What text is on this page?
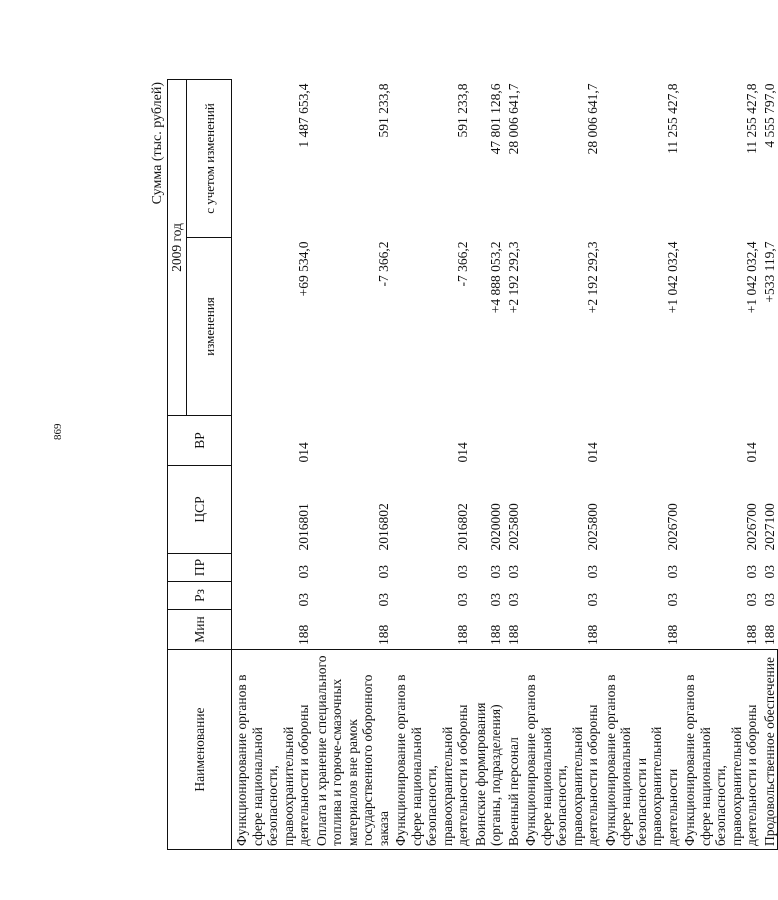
869
Сумма (тыс. рублей)
Наименование	Мин	Рз	ПР	ЦСР	ВР	2009 год	
						изменения	с учетом изменений
Функционирование органов в сфере национальной безопасности, правоохранительной деятельности и обороны	188	03	03	2016801	014	+69 534,0	1 487 653,4
Оплата и хранение специального топлива и горюче-смазочных материалов вне рамок государственного оборонного заказа	188	03	03	2016802		-7 366,2	591 233,8
Функционирование органов в сфере национальной безопасности, правоохранительной деятельности и обороны	188	03	03	2016802	014	-7 366,2	591 233,8
Воинские формирования (органы, подразделения)	188	03	03	2020000		+4 888 053,2	47 801 128,6
Военный персонал	188	03	03	2025800		+2 192 292,3	28 006 641,7
Функционирование органов в сфере национальной безопасности, правоохранительной деятельности и обороны	188	03	03	2025800	014	+2 192 292,3	28 006 641,7
Функционирование органов в сфере национальной безопасности и правоохранительной деятельности	188	03	03	2026700		+1 042 032,4	11 255 427,8
Функционирование органов в сфере национальной безопасности, правоохранительной деятельности и обороны	188	03	03	2026700	014	+1 042 032,4	11 255 427,8
Продовольственное обеспечение	188	03	03	2027100		+533 119,7	4 555 797,0
